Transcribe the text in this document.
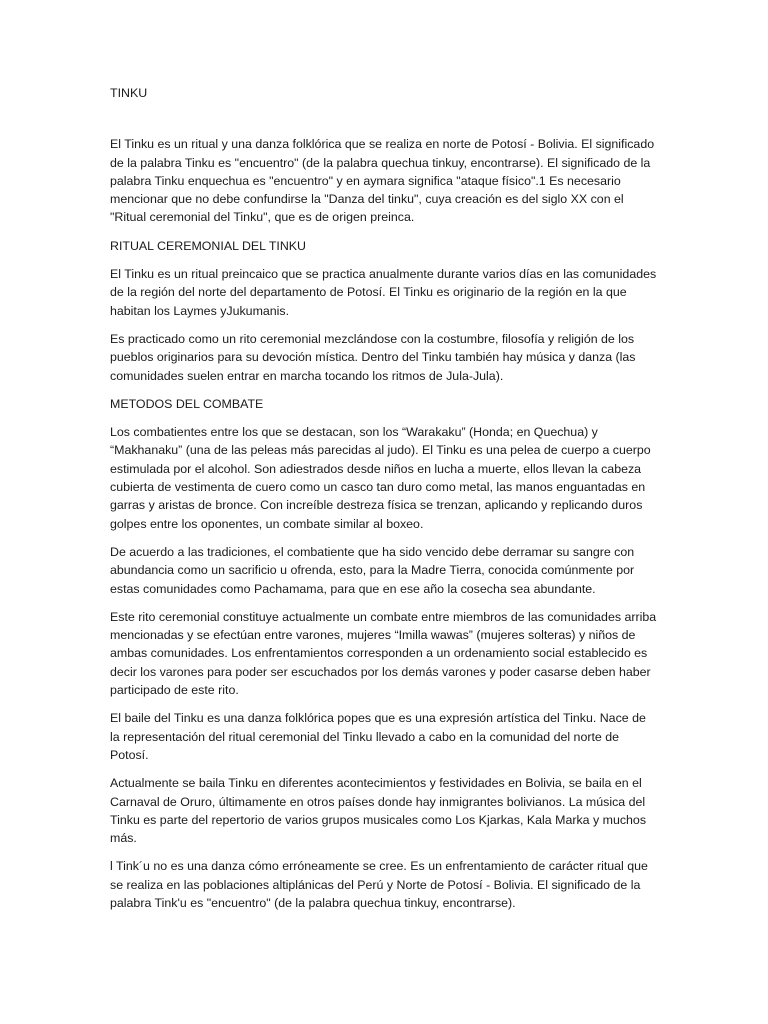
TINKU

El Tinku es un ritual y una danza folklórica que se realiza en norte de Potosí - Bolivia. El significado de la palabra Tinku es "encuentro" (de la palabra quechua tinkuy, encontrarse). El significado de la palabra Tinku enquechua es "encuentro" y en aymara significa "ataque físico".1 Es necesario mencionar que no debe confundirse la "Danza del tinku", cuya creación es del siglo XX con el "Ritual ceremonial del Tinku", que es de origen preinca.

RITUAL CEREMONIAL DEL TINKU

El Tinku es un ritual preincaico que se practica anualmente durante varios días en las comunidades de la región del norte del departamento de Potosí. El Tinku es originario de la región en la que habitan los Laymes yJukumanis.

Es practicado como un rito ceremonial mezclándose con la costumbre, filosofía y religión de los pueblos originarios para su devoción mística. Dentro del Tinku también hay música y danza (las comunidades suelen entrar en marcha tocando los ritmos de Jula-Jula).

METODOS DEL COMBATE

Los combatientes entre los que se destacan, son los “Warakaku” (Honda; en Quechua) y “Makhanaku” (una de las peleas más parecidas al judo). El Tinku es una pelea de cuerpo a cuerpo estimulada por el alcohol. Son adiestrados desde niños en lucha a muerte, ellos llevan la cabeza cubierta de vestimenta de cuero como un casco tan duro como metal, las manos enguantadas en garras y aristas de bronce. Con increíble destreza física se trenzan, aplicando y replicando duros golpes entre los oponentes, un combate similar al boxeo.

De acuerdo a las tradiciones, el combatiente que ha sido vencido debe derramar su sangre con abundancia como un sacrificio u ofrenda, esto, para la Madre Tierra, conocida comúnmente por estas comunidades como Pachamama, para que en ese año la cosecha sea abundante.

Este rito ceremonial constituye actualmente un combate entre miembros de las comunidades arriba mencionadas y se efectúan entre varones, mujeres “Imilla wawas” (mujeres solteras) y niños de ambas comunidades. Los enfrentamientos corresponden a un ordenamiento social establecido es decir los varones para poder ser escuchados por los demás varones y poder casarse deben haber participado de este rito.

El baile del Tinku es una danza folklórica popes que es una expresión artística del Tinku. Nace de la representación del ritual ceremonial del Tinku llevado a cabo en la comunidad del norte de Potosí.

Actualmente se baila Tinku en diferentes acontecimientos y festividades en Bolivia, se baila en el Carnaval de Oruro, últimamente en otros países donde hay inmigrantes bolivianos. La música del Tinku es parte del repertorio de varios grupos musicales como Los Kjarkas, Kala Marka y muchos más.

l Tink´u no es una danza cómo erróneamente se cree. Es un enfrentamiento de carácter ritual que se realiza en las poblaciones altiplánicas del Perú y Norte de Potosí - Bolivia. El significado de la palabra Tink'u es "encuentro" (de la palabra quechua tinkuy, encontrarse).
